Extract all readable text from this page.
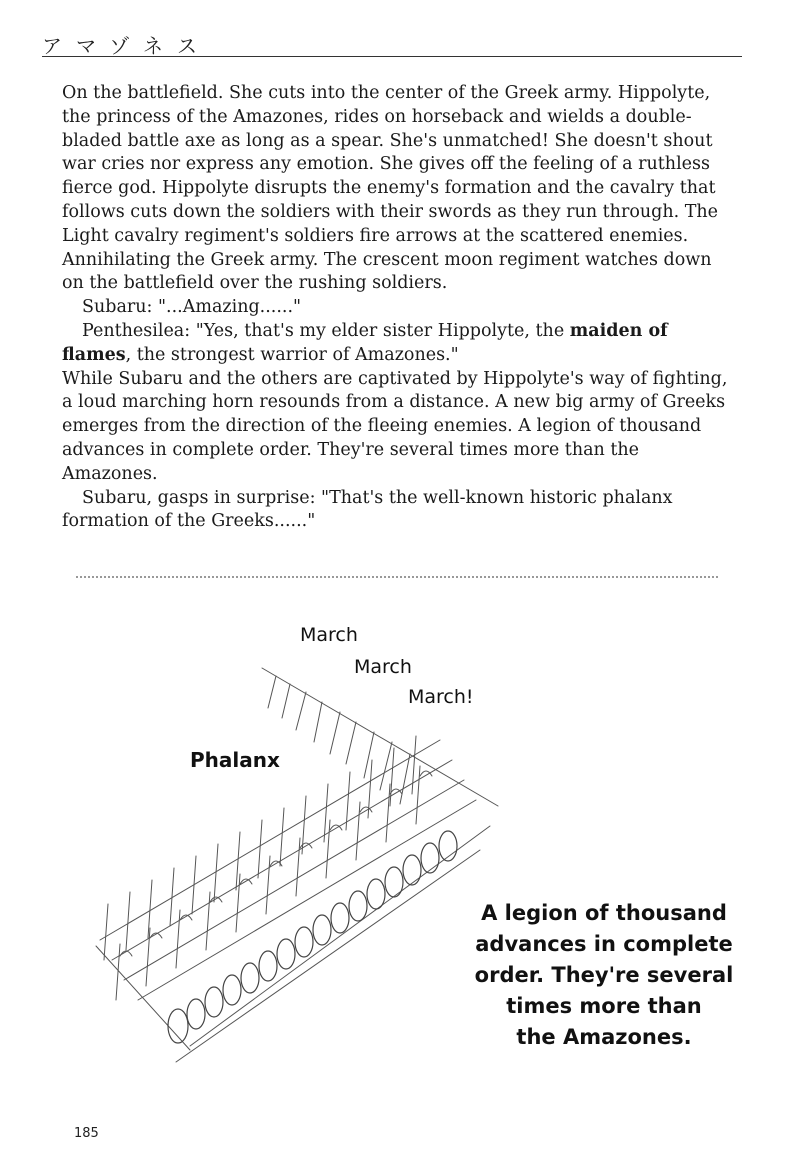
アマゾネス

On the battlefield. She cuts into the center of the Greek army. Hippolyte, the princess of the Amazones, rides on horseback and wields a double-bladed battle axe as long as a spear. She's unmatched! She doesn't shout war cries nor express any emotion. She gives off the feeling of a ruthless fierce god. Hippolyte disrupts the enemy's formation and the cavalry that follows cuts down the soldiers with their swords as they run through. The Light cavalry regiment's soldiers fire arrows at the scattered enemies. Annihilating the Greek army. The crescent moon regiment watches down on the battlefield over the rushing soldiers.

Subaru: "...Amazing......"

Penthesilea: "Yes, that's my elder sister Hippolyte, the maiden of flames, the strongest warrior of Amazones."

While Subaru and the others are captivated by Hippolyte's way of fighting, a loud marching horn resounds from a distance. A new big army of Greeks emerges from the direction of the fleeing enemies. A legion of thousand advances in complete order. They're several times more than the Amazones.

Subaru, gasps in surprise: "That's the well-known historic phalanx formation of the Greeks......"

March
March
March!
Phalanx
A legion of thousand
advances in complete
order. They're several
times more than
the Amazones.
185
